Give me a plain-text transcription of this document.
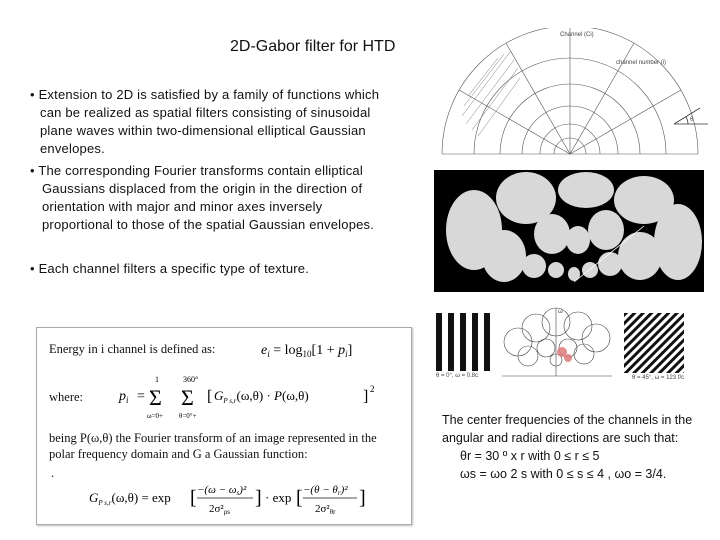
2D-Gabor filter for HTD
• Extension to 2D is satisfied by a family of functions which
can be realized as spatial filters consisting of sinusoidal
plane waves within two-dimensional elliptical Gaussian
envelopes.
• The corresponding Fourier transforms contain elliptical
Gaussians displaced from the origin in the direction of
orientation with major and minor axes inversely
proportional to those of the spatial Gaussian envelopes.
• Each channel filters a specific type of texture.
Energy in i channel is defined as:	$e_i = \log_{10}[1 + p_i]$
where:	$p_i$ =
1
Σ
ω=0+
360°
Σ
θ=0°+
[ $G_{P s,r}(\omega,\theta) \cdot P(\omega,\theta)$	] 2
being P(ω,θ) the Fourier transform of an image represented in the polar frequency domain and G a Gaussian function:
.
$G_{P s,r}(\omega,\theta) = \exp$ [ −(ω − ωs)²
2σ²ρs
] · exp [ −(θ − θr)²
2σ²θr
]
The center frequencies of the channels in the
angular and radial directions are such that:
θr = 30 º x r with 0 ≤ r ≤ 5
ωs = ωo 2 s with 0 ≤ s ≤ 4 , ωo = 3/4.
Channel (Ci)
channel number (i)
θ
ω
θ = 0°, ω = 0.8c	θ = 45°, ω = 123 f/c
